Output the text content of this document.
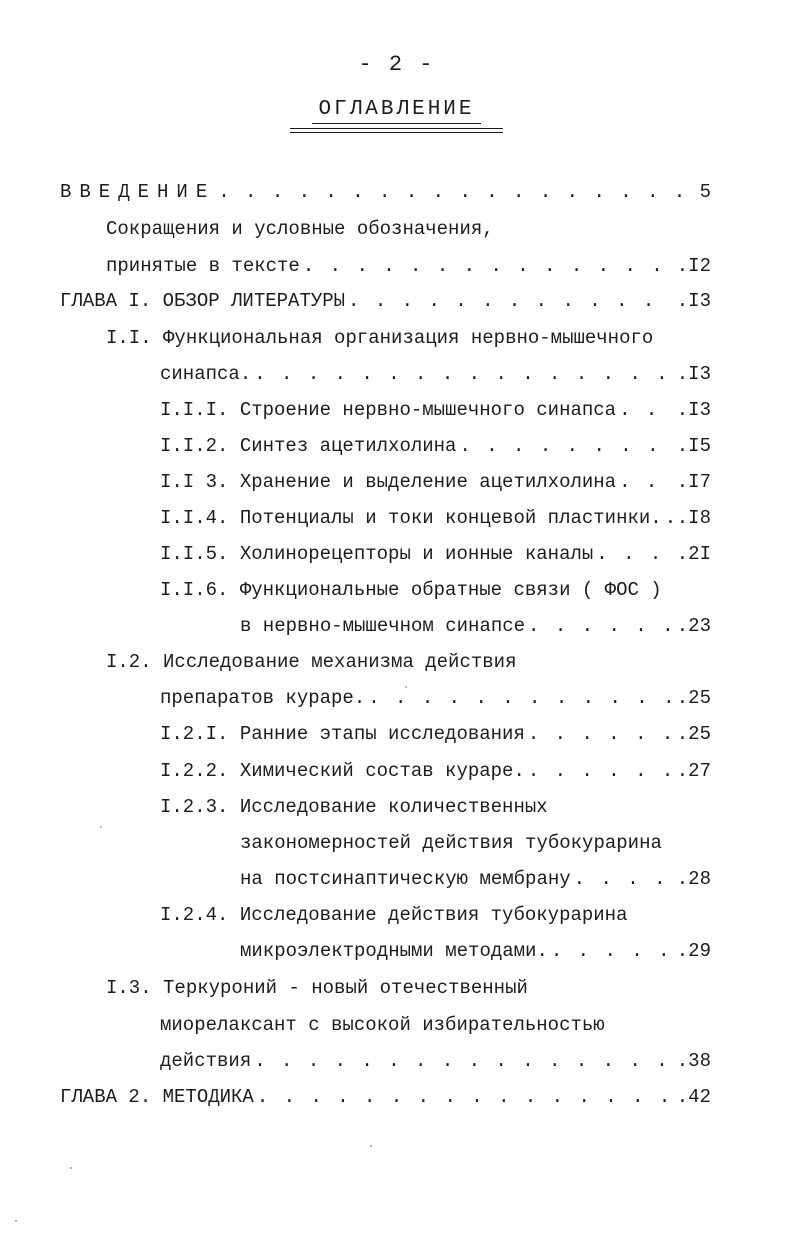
- 2 -
ОГЛАВЛЕНИЕ
ВВЕДЕНИЕ . . .	5
Сокращения и условные обозначения,
принятые в тексте . . .	.I2
ГЛАВА I. ОБЗОР ЛИТЕРАТУРЫ . . .	.I3
I.I. Функциональная организация нервно-мышечного
синапса. . . .	.I3
I.I.I. Строение нервно-мышечного синапса . . .	.I3
I.I.2. Синтез ацетилхолина . . .	.I5
I.I 3. Хранение и выделение ацетилхолина . . .	.I7
I.I.4. Потенциалы и токи концевой пластинки. . . . .I8
I.I.5. Холинорецепторы и ионные каналы . . .	.2I
I.I.6. Функциональные обратные связи ( ФОС )
в нервно-мышечном синапсе . . .	.23
I.2. Исследование механизма действия
препаратов кураре. . . .	.25
I.2.I. Ранние этапы исследования . . .	.25
I.2.2. Химический состав кураре. . . .	.27
I.2.3. Исследование количественных
закономерностей действия тубокурарина
на постсинаптическую мембрану . . .	.28
I.2.4. Исследование действия тубокурарина
микроэлектродными методами. . . .	.29
I.3. Теркуроний - новый отечественный
миорелаксант с высокой избирательностью
действия . . .	.38
ГЛАВА 2. МЕТОДИКА . . .	.42
